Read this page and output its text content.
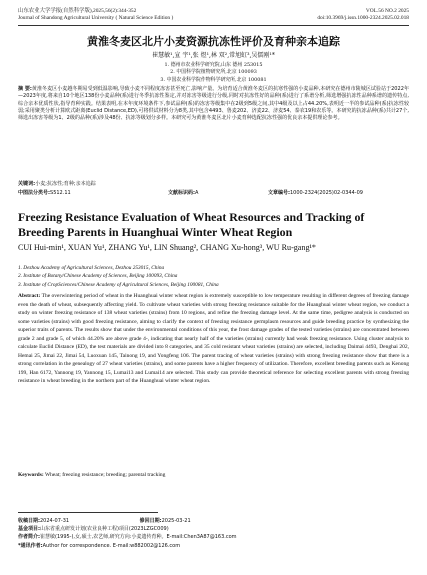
山东农业大学学报(自然科学版),2025,56(2):344-352	VOL.56 NO.2 2025
Journal of Shandong Agricultural University ( Natural Science Edition )	doi:10.3969/j.issn.1000-2324.2025.02.018
黄淮冬麦区北片小麦资源抗冻性评价及育种亲本追踪
崔慧敏¹,宣 宇¹,张 煜¹,林 双²,常旭虹³,吴儒刚¹*
1. 德州市农业科学研究院,山东 德州 253015
2. 中国科学院植物研究所,北京 100093
3. 中国农业科学院作物科学研究所,北京 100081
摘 要:黄淮冬麦区小麦越冬期易受到低温影响,导致小麦不同程度冻害甚至死亡,影响产量。为培育适合黄淮冬麦区的抗寒性强的小麦品种,本研究在德州市陵城区试验站于2022年—2023年度,将来自10个地区138份小麦品种(系)进行冬季抗冻性鉴定,并对冻害等级进行分级,同时对抗冻性好的品种(系)进行了系谱分析,筛选增强抗冻性品种系谱的遗传特点,综合亲本优质性状,指导育种实践。结果表明,在本年度环境条件下,参试品种(系)的冻害等级集中在2级到5级之间,其中4级及以上占44.20%,表明近一半的参试品种(系)抗冻性较弱;采用聚类分析计算欧式距离(Euclid Distance,ED),可将供试材料分为8类,其中包含4493、鲁麦202、济麦22、济麦54、泰农19和农乐等。本研究的抗冻品种(系)共计27个,筛选出冻害等级为1、2级的品种(系)涉及48份、抗冻等级划分多样。本研究可为黄淮冬麦区北片小麦育种选配抗冻性强的优良亲本提供理论参考。
关键词:小麦;抗冻性;育种;亲本追踪
中图法分类号:S512.11	文献标识码:A	文章编号:1000-2324(2025)02-0344-09
Freezing Resistance Evaluation of Wheat Resources and Tracking of Breeding Parents in Huanghuai Winter Wheat Region
CUI Hui-min¹, XUAN Yu¹, ZHANG Yu¹, LIN Shuang², CHANG Xu-hong³, WU Ru-gang¹*
1. Dezhou Academy of Agricultural Sciences, Dezhou 253015, China
2. Institute of Botany/Chinese Academy of Sciences, Beijing 100093, China
3. Institute of CropSciences/Chinese Academy of Agricultural Sciences, Beijing 100081, China
Abstract: The overwintering period of wheat in the Huanghuai winter wheat region is extremely susceptible to low temperature resulting in different degrees of freezing damage even the death of wheat, subsequently affecting yield. To cultivate wheat varieties with strong freezing resistance suitable for the Huanghuai winter wheat region, we conduct a study on winter freezing resistance of 138 wheat varieties (strains) from 10 regions, and refine the freezing damage level. At the same time, pedigree analysis is conducted on some varieties (strains) with good freezing resistance, aiming to clarify the context of freezing resistance germplasm resources and guide breeding practice by synthesizing the superior traits of parents. The results show that under the environmental conditions of this year, the frost damage grades of the tested varieties (strains) are concentrated between grade 2 and grade 5, of which 44.20% are above grade 4-, indicating that nearly half of the varieties (strains) currently had weak freezing resistance. Using cluster analysis to calculate Euclid Distance (ED), the test materials are divided into 8 categories, and 35 cold resistant wheat varieties (strains) are selected, including Daimai 4493, Denghai 202, Hemai 25, Jimai 22, Jimai 54, Luoxuan 145, Tainong 19, and Yongfeng 106. The parent tracing of wheat varieties (strains) with strong freezing resistance show that there is a strong correlation in the genealogy of 27 wheat varieties (strains), and some parents have a higher frequency of utilization. Therefore, excellent breeding parents such as Kenong 199, Han 6172, Yannong 19, Yannong 15, Lumai13 and Lumai14 are selected. This study can provide theoretical reference for selecting excellent parents with strong freezing resistance in wheat breeding in the northern part of the Huanghuai winter wheat region.
Keywords: Wheat; freezing resistance; breeding; parental tracking
收稿日期:2024-07-31	修回日期:2025-03-21
基金项目:山东省重点研发计划(农业良种工程)项目(2023LZGC009)
作者简介:崔慧敏(1995-),女,硕士,农艺师,研究方向:小麦遗传育种。E-mail:Chen3A87@163.com
*通讯作者:Author for correspondence. E-mail:w882002@126.com
